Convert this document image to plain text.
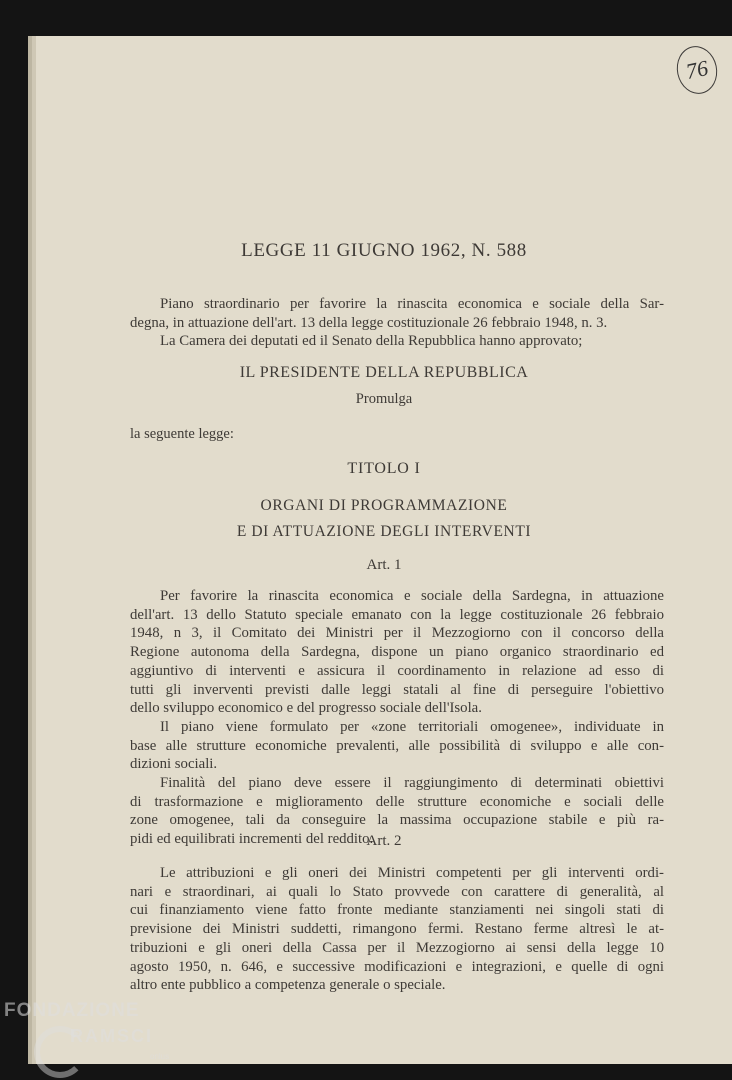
76
LEGGE 11 GIUGNO 1962, N. 588
Piano straordinario per favorire la rinascita economica e sociale della Sar-
degna, in attuazione dell'art. 13 della legge costituzionale 26 febbraio 1948, n. 3.
La Camera dei deputati ed il Senato della Repubblica hanno approvato;
IL PRESIDENTE DELLA REPUBBLICA
Promulga
la seguente legge:
TITOLO I
ORGANI DI PROGRAMMAZIONE
E DI ATTUAZIONE DEGLI INTERVENTI
Art. 1
Per favorire la rinascita economica e sociale della Sardegna, in attuazione
dell'art. 13 dello Statuto speciale emanato con la legge costituzionale 26 febbraio
1948, n 3, il Comitato dei Ministri per il Mezzogiorno con il concorso della
Regione autonoma della Sardegna, dispone un piano organico straordinario ed
aggiuntivo di interventi e assicura il coordinamento in relazione ad esso di
tutti gli inverventi previsti dalle leggi statali al fine di perseguire l'obiettivo
dello sviluppo economico e del progresso sociale dell'Isola.
Il piano viene formulato per «zone territoriali omogenee», individuate in
base alle strutture economiche prevalenti, alle possibilità di sviluppo e alle con-
dizioni sociali.
Finalità del piano deve essere il raggiungimento di determinati obiettivi
di trasformazione e miglioramento delle strutture economiche e sociali delle
zone omogenee, tali da conseguire la massima occupazione stabile e più ra-
pidi ed equilibrati incrementi del reddito.
Art. 2
Le attribuzioni e gli oneri dei Ministri competenti per gli interventi ordi-
nari e straordinari, ai quali lo Stato provvede con carattere di generalità, al
cui finanziamento viene fatto fronte mediante stanziamenti nei singoli stati di
previsione dei Ministri suddetti, rimangono fermi. Restano ferme altresì le at-
tribuzioni e gli oneri della Cassa per il Mezzogiorno ai sensi della legge 10
agosto 1950, n. 646, e successive modificazioni e integrazioni, e quelle di ogni
altro ente pubblico a competenza generale o speciale.
FONDAZIONE
RAMSCI
onlus
